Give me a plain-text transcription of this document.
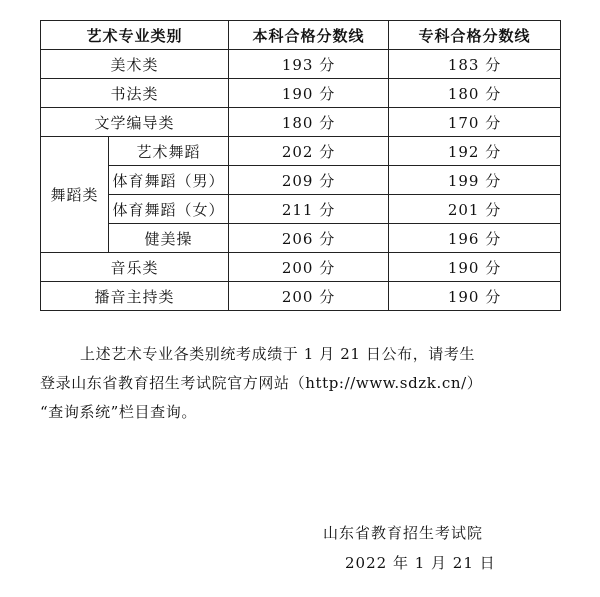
艺术专业类别		本科合格分数线	专科合格分数线
美术类		193 分	183 分
书法类		190 分	180 分
文学编导类		180 分	170 分
舞蹈类	艺术舞蹈	202 分	192 分
	体育舞蹈（男）	209 分	199 分
	体育舞蹈（女）	211 分	201 分
	健美操	206 分	196 分
音乐类		200 分	190 分
播音主持类		200 分	190 分
上述艺术专业各类别统考成绩于 1 月 21 日公布，请考生
登录山东省教育招生考试院官方网站（http://www.sdzk.cn/）
“查询系统”栏目查询。
山东省教育招生考试院
2022 年 1 月 21 日
